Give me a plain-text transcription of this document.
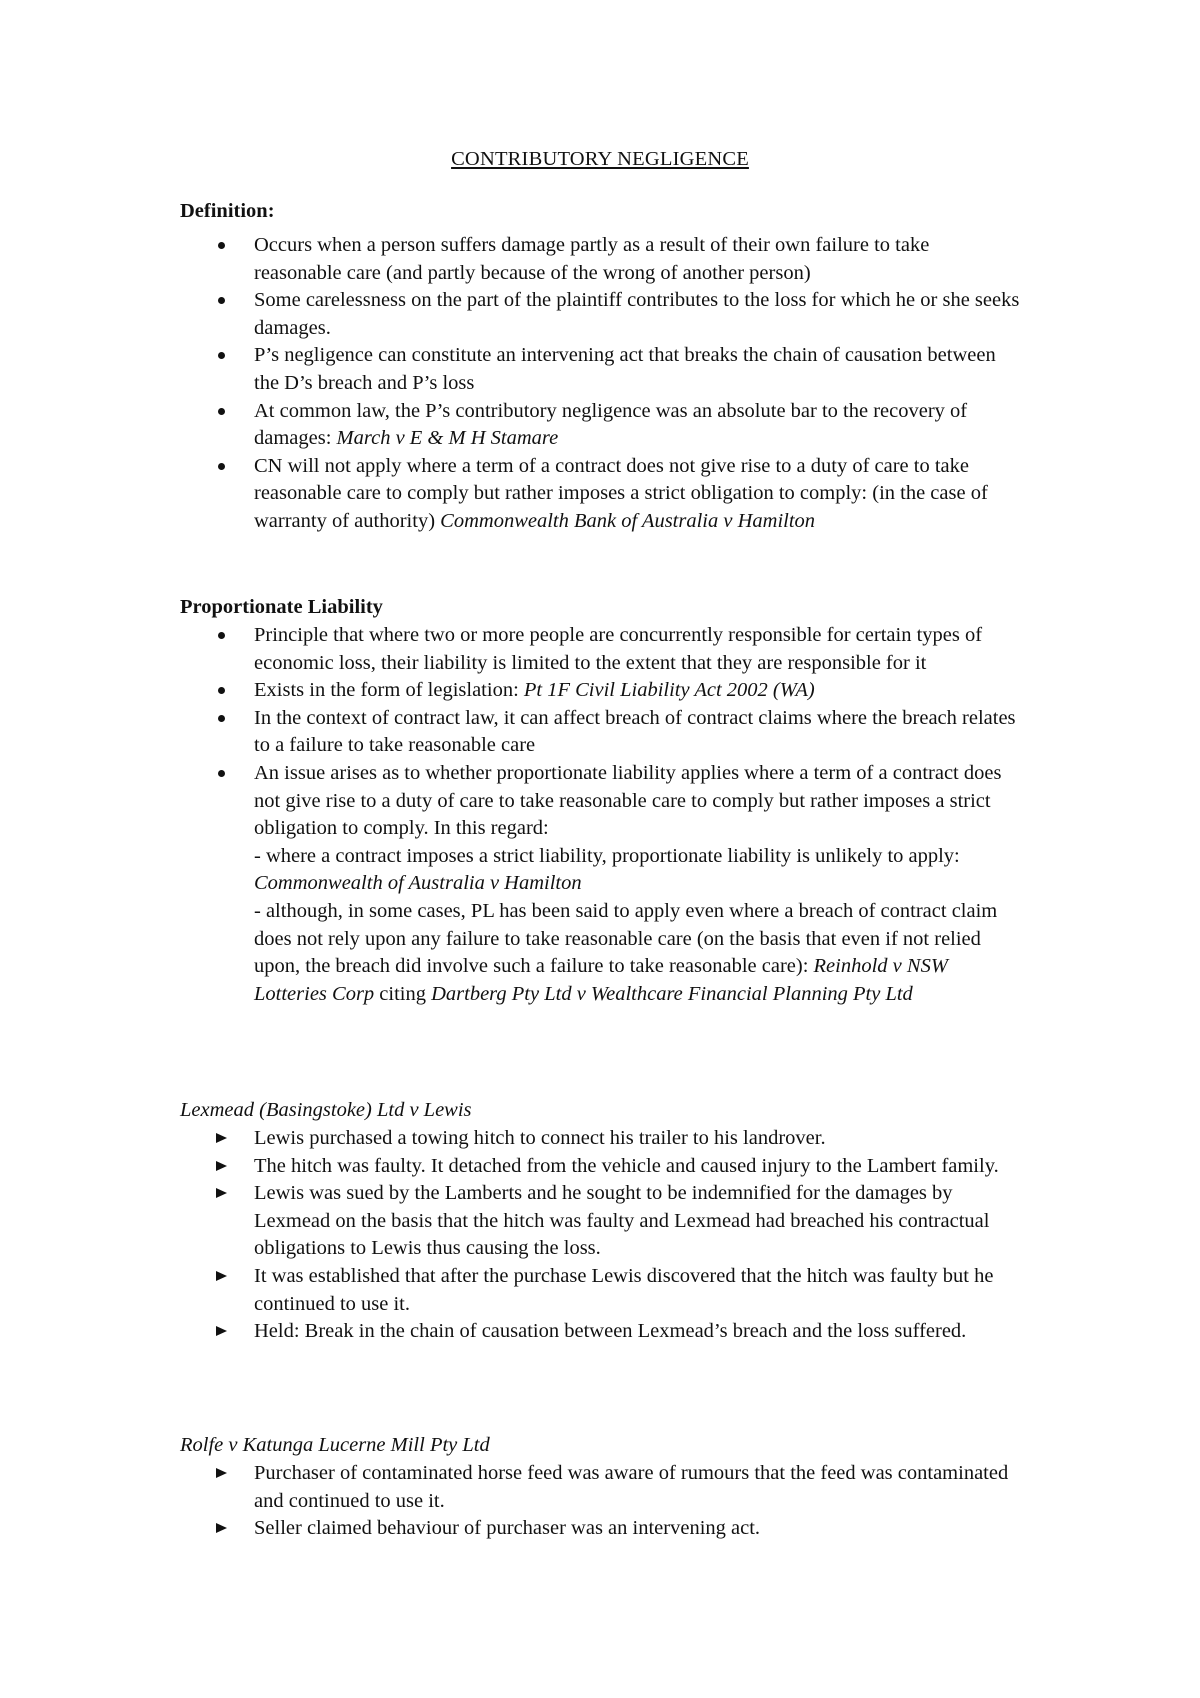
CONTRIBUTORY NEGLIGENCE
Definition:
Occurs when a person suffers damage partly as a result of their own failure to take reasonable care (and partly because of the wrong of another person)
Some carelessness on the part of the plaintiff contributes to the loss for which he or she seeks damages.
P’s negligence can constitute an intervening act that breaks the chain of causation between the D’s breach and P’s loss
At common law, the P’s contributory negligence was an absolute bar to the recovery of damages: March v E & M H Stamare
CN will not apply where a term of a contract does not give rise to a duty of care to take reasonable care to comply but rather imposes a strict obligation to comply: (in the case of warranty of authority) Commonwealth Bank of Australia v Hamilton
Proportionate Liability
Principle that where two or more people are concurrently responsible for certain types of economic loss, their liability is limited to the extent that they are responsible for it
Exists in the form of legislation: Pt 1F Civil Liability Act 2002 (WA)
In the context of contract law, it can affect breach of contract claims where the breach relates to a failure to take reasonable care
An issue arises as to whether proportionate liability applies where a term of a contract does not give rise to a duty of care to take reasonable care to comply but rather imposes a strict obligation to comply. In this regard:
- where a contract imposes a strict liability, proportionate liability is unlikely to apply: Commonwealth of Australia v Hamilton
- although, in some cases, PL has been said to apply even where a breach of contract claim does not rely upon any failure to take reasonable care (on the basis that even if not relied upon, the breach did involve such a failure to take reasonable care): Reinhold v NSW Lotteries Corp citing Dartberg Pty Ltd v Wealthcare Financial Planning Pty Ltd
Lexmead (Basingstoke) Ltd v Lewis
Lewis purchased a towing hitch to connect his trailer to his landrover.
The hitch was faulty. It detached from the vehicle and caused injury to the Lambert family.
Lewis was sued by the Lamberts and he sought to be indemnified for the damages by Lexmead on the basis that the hitch was faulty and Lexmead had breached his contractual obligations to Lewis thus causing the loss.
It was established that after the purchase Lewis discovered that the hitch was faulty but he continued to use it.
Held: Break in the chain of causation between Lexmead’s breach and the loss suffered.
Rolfe v Katunga Lucerne Mill Pty Ltd
Purchaser of contaminated horse feed was aware of rumours that the feed was contaminated and continued to use it.
Seller claimed behaviour of purchaser was an intervening act.
